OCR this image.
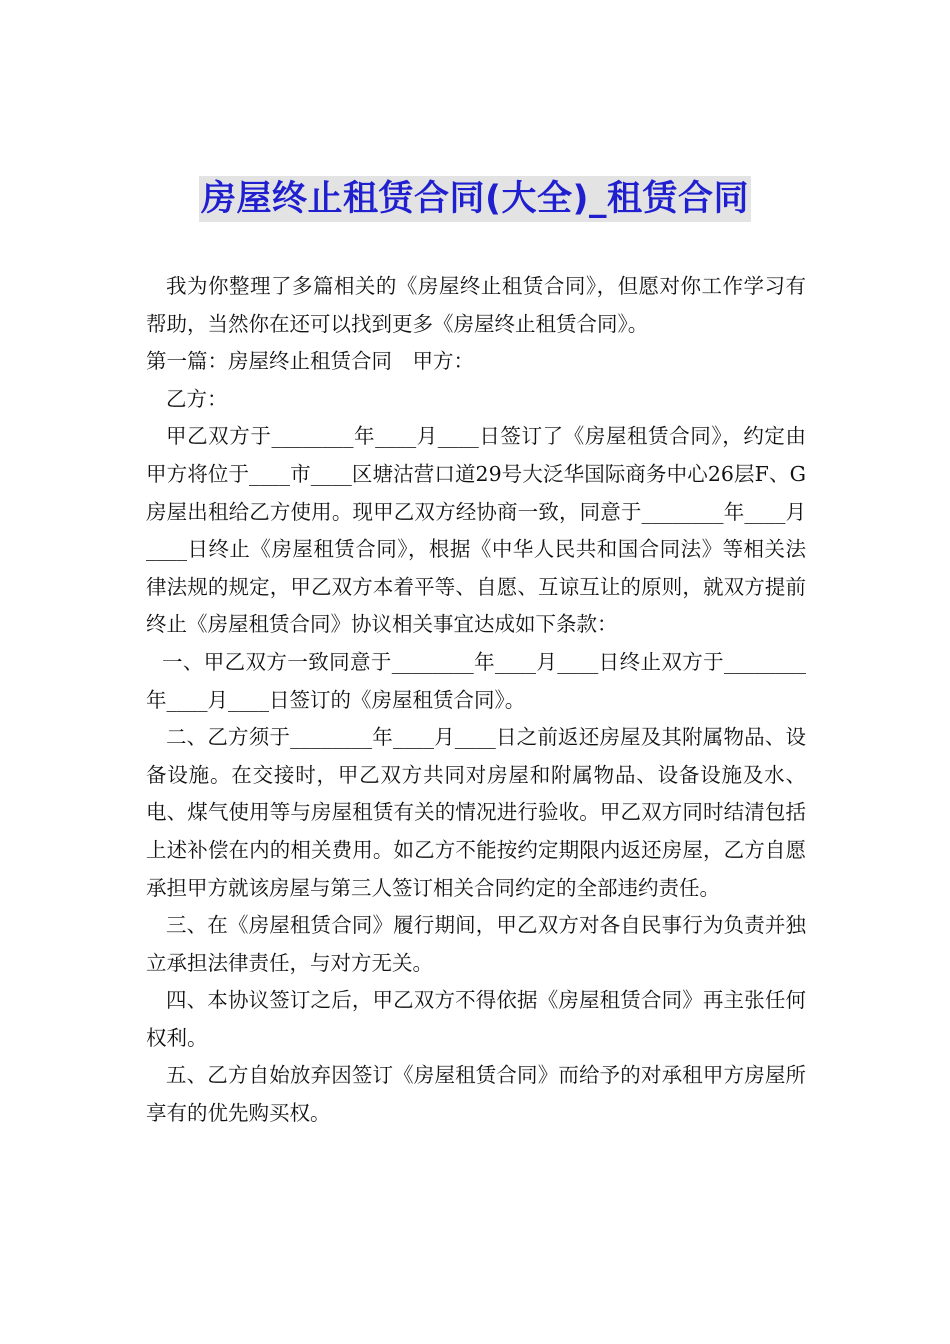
房屋终止租赁合同(大全)_租赁合同

我为你整理了多篇相关的《房屋终止租赁合同》，但愿对你工作学习有帮助，当然你在还可以找到更多《房屋终止租赁合同》。

第一篇：房屋终止租赁合同　甲方：

乙方：

甲乙双方于________年____月____日签订了《房屋租赁合同》，约定由甲方将位于____市____区塘沽营口道29号大泛华国际商务中心26层F、G房屋出租给乙方使用。现甲乙双方经协商一致，同意于________年____月____日终止《房屋租赁合同》，根据《中华人民共和国合同法》等相关法律法规的规定，甲乙双方本着平等、自愿、互谅互让的原则，就双方提前终止《房屋租赁合同》协议相关事宜达成如下条款：

一、甲乙双方一致同意于________年____月____日终止双方于________年____月____日签订的《房屋租赁合同》。

二、乙方须于________年____月____日之前返还房屋及其附属物品、设备设施。在交接时，甲乙双方共同对房屋和附属物品、设备设施及水、电、煤气使用等与房屋租赁有关的情况进行验收。甲乙双方同时结清包括上述补偿在内的相关费用。如乙方不能按约定期限内返还房屋，乙方自愿承担甲方就该房屋与第三人签订相关合同约定的全部违约责任。

三、在《房屋租赁合同》履行期间，甲乙双方对各自民事行为负责并独立承担法律责任，与对方无关。

四、本协议签订之后，甲乙双方不得依据《房屋租赁合同》再主张任何权利。

五、乙方自始放弃因签订《房屋租赁合同》而给予的对承租甲方房屋所享有的优先购买权。
